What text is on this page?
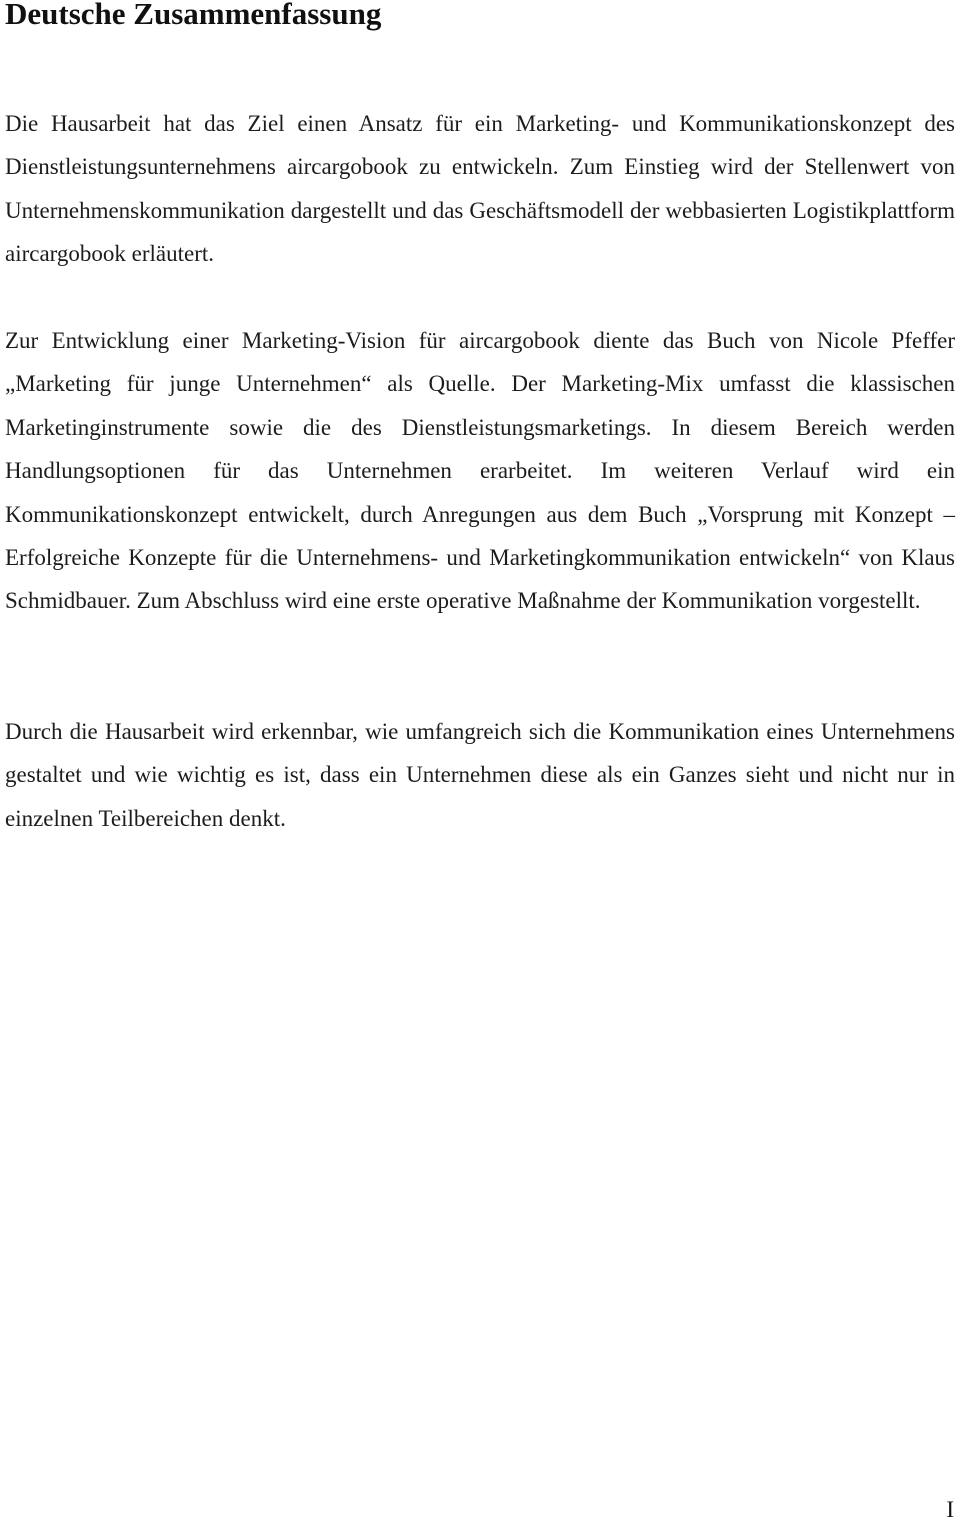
Deutsche Zusammenfassung

Die Hausarbeit hat das Ziel einen Ansatz für ein Marketing- und Kommunikationskonzept des Dienstleistungsunternehmens aircargobook zu entwickeln. Zum Einstieg wird der Stellenwert von Unternehmenskommunikation dargestellt und das Geschäftsmodell der webbasierten Logistikplattform aircargobook erläutert.

Zur Entwicklung einer Marketing-Vision für aircargobook diente das Buch von Nicole Pfeffer „Marketing für junge Unternehmen“ als Quelle. Der Marketing-Mix umfasst die klassischen Marketinginstrumente sowie die des Dienstleistungsmarketings. In diesem Bereich werden Handlungsoptionen für das Unternehmen erarbeitet. Im weiteren Verlauf wird ein Kommunikationskonzept entwickelt, durch Anregungen aus dem Buch „Vorsprung mit Konzept – Erfolgreiche Konzepte für die Unternehmens- und Marketingkommunikation entwickeln“ von Klaus Schmidbauer. Zum Abschluss wird eine erste operative Maßnahme der Kommunikation vorgestellt.

Durch die Hausarbeit wird erkennbar, wie umfangreich sich die Kommunikation eines Unternehmens gestaltet und wie wichtig es ist, dass ein Unternehmen diese als ein Ganzes sieht und nicht nur in einzelnen Teilbereichen denkt.

I
